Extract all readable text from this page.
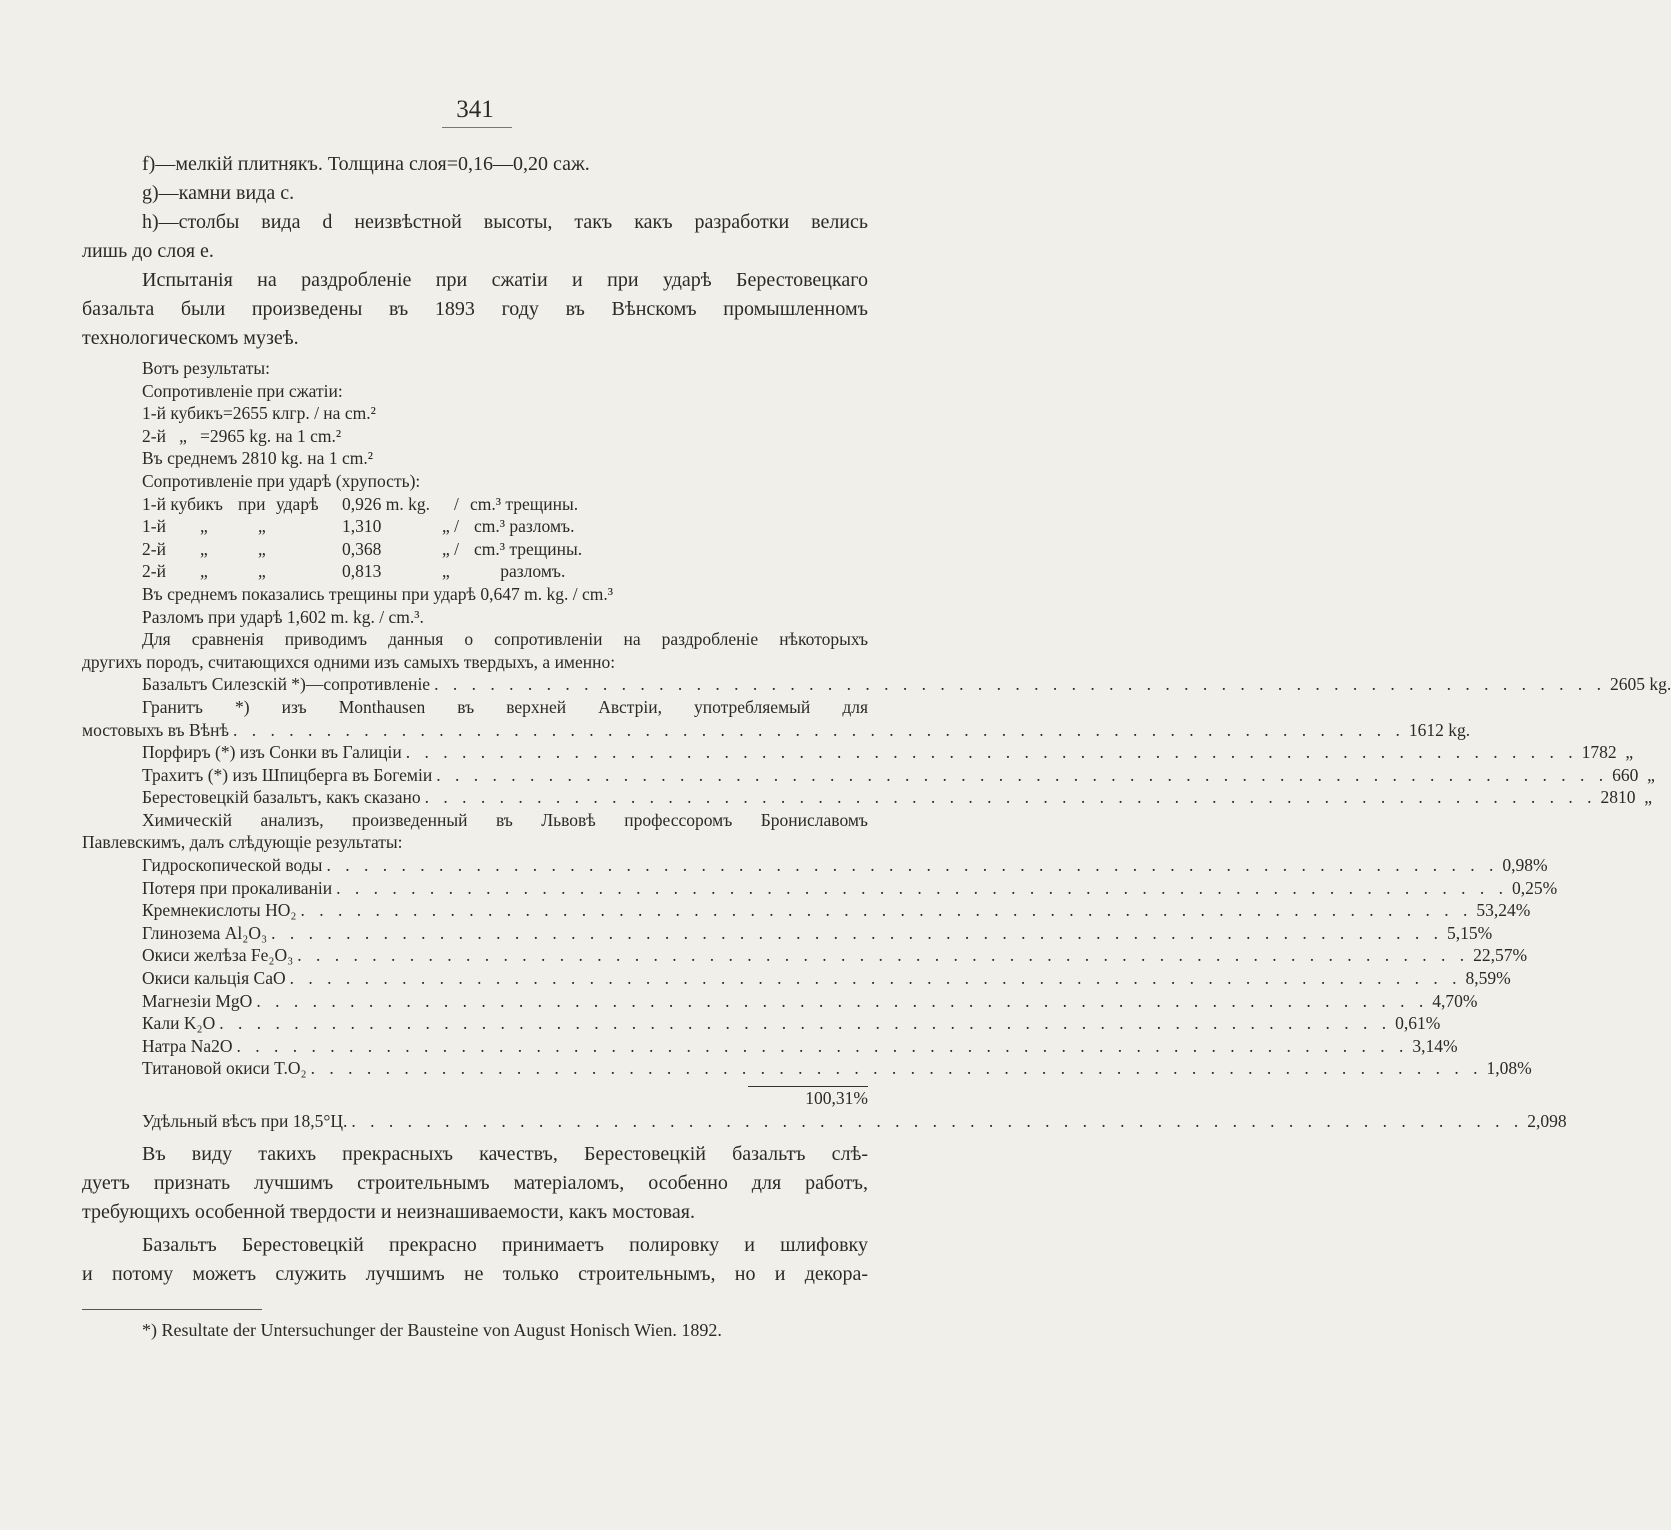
341
f)—мелкій плитнякъ. Толщина слоя=0,16—0,20 саж.
g)—камни вида с.
h)—столбы вида d неизвѣстной высоты, такъ какъ разработки велись
лишь до слоя е.
Испытанія на раздробленіе при сжатіи и при ударѣ Берестовецкаго
базальта были произведены въ 1893 году въ Вѣнскомъ промышленномъ
технологическомъ музеѣ.
Вотъ результаты:
Сопротивленіе при сжатіи:
1-й кубикъ=2655 клгр. / на cm.²
2-й   „   =2965 kg. на 1 cm.²
Въ среднемъ 2810 kg. на 1 cm.²
Сопротивленіе при ударѣ (хрупость):
1-й кубикъ при ударѣ	0,926 m. kg.	/ cm.³ трещины.
1-й	„	„	1,310	„ / cm.³ разломъ.
2-й	„	„	0,368	„ / cm.³ трещины.
2-й	„	„	0,813	„	разломъ.
Въ среднемъ показались трещины при ударѣ 0,647 m. kg. / cm.³
Разломъ при ударѣ 1,602 m. kg. / cm.³.
Для сравненія приводимъ данныя о сопротивленіи на раздробленіе нѣкоторыхъ
другихъ породъ, считающихся одними изъ самыхъ твердыхъ, а именно:
Базальтъ Силезскій *)—сопротивленіе . . . . . . . . . . . . . . . . . . . . . . . . . . . . . . . . . . . . . . . . . . . . . . . . . . . . . . . . . . . . . . . 2605 kg.
Гранитъ *) изъ Monthausen въ верхней Австріи, употребляемый для
мостовыхъ въ Вѣнѣ . . . . . . . . . . . . . . . . . . . . . . . . . . . . . . . . . . . . . . . . . . . . . . . . . . . . . . . . . . . . . . . 1612 kg.
Порфиръ (*) изъ Сонки въ Галиціи . . . . . . . . . . . . . . . . . . . . . . . . . . . . . . . . . . . . . . . . . . . . . . . . . . . . . . . . . . . . . . . 1782  „
Трахитъ (*) изъ Шпицберга въ Богеміи . . . . . . . . . . . . . . . . . . . . . . . . . . . . . . . . . . . . . . . . . . . . . . . . . . . . . . . . . . . . . . . 660  „
Берестовецкій базальтъ, какъ сказано . . . . . . . . . . . . . . . . . . . . . . . . . . . . . . . . . . . . . . . . . . . . . . . . . . . . . . . . . . . . . . . 2810  „
Химическій анализъ, произведенный въ Львовѣ профессоромъ Брониславомъ
Павлевскимъ, далъ слѣдующіе результаты:
Гидроскопической воды . . . . . . . . . . . . . . . . . . . . . . . . . . . . . . . . . . . . . . . . . . . . . . . . . . . . . . . . . . . . . . . 0,98%
Потеря при прокаливаніи . . . . . . . . . . . . . . . . . . . . . . . . . . . . . . . . . . . . . . . . . . . . . . . . . . . . . . . . . . . . . . . 0,25%
Кремнекислоты HO₂ . . . . . . . . . . . . . . . . . . . . . . . . . . . . . . . . . . . . . . . . . . . . . . . . . . . . . . . . . . . . . . . 53,24%
Глинозема Al₂O₃ . . . . . . . . . . . . . . . . . . . . . . . . . . . . . . . . . . . . . . . . . . . . . . . . . . . . . . . . . . . . . . . 5,15%
Окиси желѣза Fe₂O₃ . . . . . . . . . . . . . . . . . . . . . . . . . . . . . . . . . . . . . . . . . . . . . . . . . . . . . . . . . . . . . . . 22,57%
Окиси кальція CaO . . . . . . . . . . . . . . . . . . . . . . . . . . . . . . . . . . . . . . . . . . . . . . . . . . . . . . . . . . . . . . . 8,59%
Магнезіи MgO . . . . . . . . . . . . . . . . . . . . . . . . . . . . . . . . . . . . . . . . . . . . . . . . . . . . . . . . . . . . . . . 4,70%
Кали K₂O . . . . . . . . . . . . . . . . . . . . . . . . . . . . . . . . . . . . . . . . . . . . . . . . . . . . . . . . . . . . . . . 0,61%
Натра Na2O . . . . . . . . . . . . . . . . . . . . . . . . . . . . . . . . . . . . . . . . . . . . . . . . . . . . . . . . . . . . . . . 3,14%
Титановой окиси T.O₂ . . . . . . . . . . . . . . . . . . . . . . . . . . . . . . . . . . . . . . . . . . . . . . . . . . . . . . . . . . . . . . . 1,08%
100,31%
Удѣльный вѣсъ при 18,5°Ц. . . . . . . . . . . . . . . . . . . . . . . . . . . . . . . . . . . . . . . . . . . . . . . . . . . . . . . . . . . . . . . . 2,098
Въ виду такихъ прекрасныхъ качествъ, Берестовецкій базальтъ слѣ-
дуетъ признать лучшимъ строительнымъ матеріаломъ, особенно для работъ,
требующихъ особенной твердости и неизнашиваемости, какъ мостовая.
Базальтъ Берестовецкій прекрасно принимаетъ полировку и шлифовку
и потому можетъ служить лучшимъ не только строительнымъ, но и декора-
*) Resultate der Untersuchunger der Bausteine von August Honisch Wien. 1892.
